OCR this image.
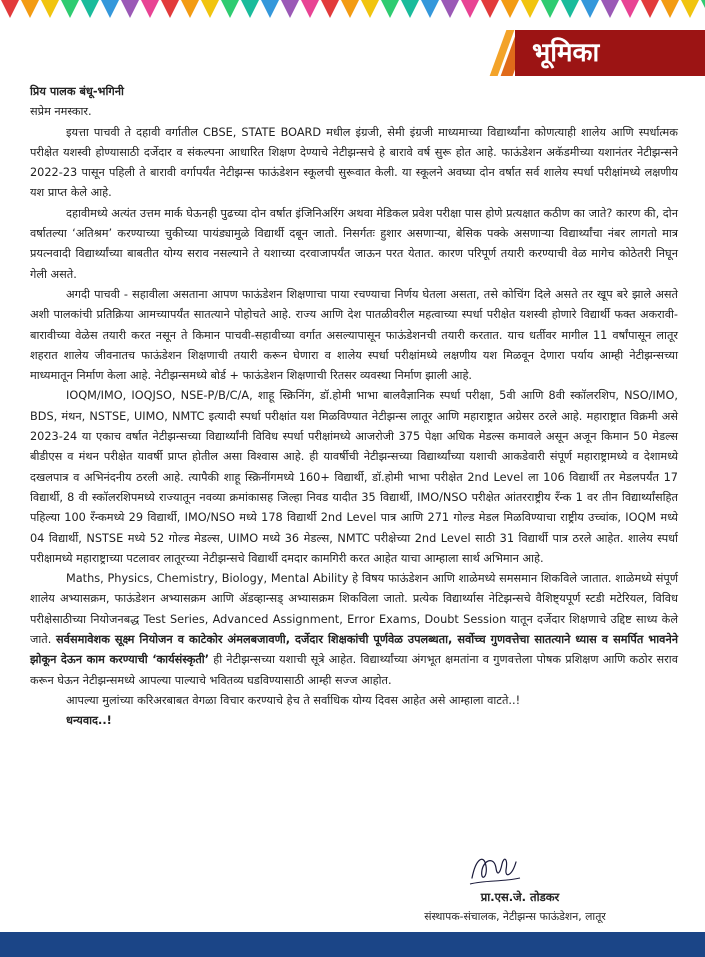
भूमिका

प्रिय पालक बंधू-भगिनी

सप्रेम नमस्कार.

इयत्ता पाचवी ते दहावी वर्गातील CBSE, STATE BOARD मधील इंग्रजी, सेमी इंग्रजी माध्यमाच्या विद्यार्थ्यांना कोणत्याही शालेय आणि स्पर्धात्मक परीक्षेत यशस्वी होण्यासाठी दर्जेदार व संकल्पना आधारित शिक्षण देण्याचे नेटीझन्सचे हे बारावे वर्ष सुरू होत आहे. फाऊंडेशन अकॅडमीच्या यशानंतर नेटीझन्सने 2022-23 पासून पहिली ते बारावी वर्गापर्यंत नेटीझन्स फाऊंडेशन स्कूलची सुरूवात केली. या स्कूलने अवघ्या दोन वर्षात सर्व शालेय स्पर्धा परीक्षांमध्ये लक्षणीय यश प्राप्त केले आहे.

दहावीमध्ये अत्यंत उत्तम मार्क घेऊनही पुढच्या दोन वर्षात इंजिनिअरिंग अथवा मेडिकल प्रवेश परीक्षा पास होणे प्रत्यक्षात कठीण का जाते? कारण की, दोन वर्षातल्या ‘अतिश्रम’ करण्याच्या चुकीच्या पायंड्यामुळे विद्यार्थी दबून जातो. निसर्गतः हुशार असणाऱ्या, बेसिक पक्के असणाऱ्या विद्यार्थ्यांचा नंबर लागतो मात्र प्रयत्नवादी विद्यार्थ्यांच्या बाबतीत योग्य सराव नसल्याने ते यशाच्या दरवाजापर्यंत जाऊन परत येतात. कारण परिपूर्ण तयारी करण्याची वेळ मागेच कोठेतरी निघून गेली असते.

अगदी पाचवी - सहावीला असताना आपण फाऊंडेशन शिक्षणाचा पाया रचण्याचा निर्णय घेतला असता, तसे कोचिंग दिले असते तर खूप बरे झाले असते अशी पालकांची प्रतिक्रिया आमच्यापर्यंत सातत्याने पोहोचते आहे. राज्य आणि देश पातळीवरील महत्वाच्या स्पर्धा परीक्षेत यशस्वी होणारे विद्यार्थी फक्त अकरावी-बारावीच्या वेळेस तयारी करत नसून ते किमान पाचवी-सहावीच्या वर्गात असल्यापासून फाऊंडेशनची तयारी करतात. याच धर्तीवर मागील 11 वर्षांपासून लातूर शहरात शालेय जीवनातच फाऊंडेशन शिक्षणाची तयारी करून घेणारा व शालेय स्पर्धा परीक्षांमध्ये लक्षणीय यश मिळवून देणारा पर्याय आम्ही नेटीझन्सच्या माध्यमातून निर्माण केला आहे. नेटीझन्समध्ये बोर्ड + फाऊंडेशन शिक्षणाची रितसर व्यवस्था निर्माण झाली आहे.

IOQM/IMO, IOQJSO, NSE-P/B/C/A, शाहू स्क्रिनिंग, डॉ.होमी भाभा बालवैज्ञानिक स्पर्धा परीक्षा, 5वी आणि 8वी स्कॉलरशिप, NSO/IMO, BDS, मंथन, NSTSE, UIMO, NMTC इत्यादी स्पर्धा परीक्षांत यश मिळविण्यात नेटीझन्स लातूर आणि महाराष्ट्रात अग्रेसर ठरले आहे. महाराष्ट्रात विक्रमी असे 2023-24 या एकाच वर्षात नेटीझन्सच्या विद्यार्थ्यांनी विविध स्पर्धा परीक्षांमध्ये आजरोजी 375 पेक्षा अधिक मेडल्स कमावले असून अजून किमान 50 मेडल्स बीडीएस व मंथन परीक्षेत यावर्षी प्राप्त होतील असा विश्वास आहे. ही यावर्षीची नेटीझन्सच्या विद्यार्थ्यांच्या यशाची आकडेवारी संपूर्ण महाराष्ट्रामध्ये व देशामध्ये दखलपात्र व अभिनंदनीय ठरली आहे. त्यापैकी शाहू स्क्रिनींगमध्ये 160+ विद्यार्थी, डॉ.होमी भाभा परीक्षेत 2nd Level ला 106 विद्यार्थी तर मेडलपर्यंत 17 विद्यार्थी, 8 वी स्कॉलरशिपमध्ये राज्यातून नवव्या क्रमांकासह जिल्हा निवड यादीत 35 विद्यार्थी, IMO/NSO परीक्षेत आंतरराष्ट्रीय रँन्क 1 वर तीन विद्यार्थ्यांसहित पहिल्या 100 रँन्कमध्ये 29 विद्यार्थी, IMO/NSO मध्ये 178 विद्यार्थी 2nd Level पात्र आणि 271 गोल्ड मेडल मिळविण्याचा राष्ट्रीय उच्चांक, IOQM मध्ये 04 विद्यार्थी, NSTSE मध्ये 52 गोल्ड मेडल्स, UIMO मध्ये 36 मेडल्स, NMTC परीक्षेच्या 2nd Level साठी 31 विद्यार्थी पात्र ठरले आहेत. शालेय स्पर्धा परीक्षामध्ये महाराष्ट्राच्या पटलावर लातूरच्या नेटीझन्सचे विद्यार्थी दमदार कामगिरी करत आहेत याचा आम्हाला सार्थ अभिमान आहे.

Maths, Physics, Chemistry, Biology, Mental Ability हे विषय फाऊंडेशन आणि शाळेमध्ये समसमान शिकविले जातात. शाळेमध्ये संपूर्ण शालेय अभ्यासक्रम, फाऊंडेशन अभ्यासक्रम आणि ॲडव्हान्सड् अभ्यासक्रम शिकविला जातो. प्रत्येक विद्यार्थ्यास नेटिझन्सचे वैशिष्ट्यपूर्ण स्टडी मटेरियल, विविध परीक्षेसाठीच्या नियोजनबद्ध Test Series, Advanced Assignment, Error Exams, Doubt Session यातून दर्जेदार शिक्षणाचे उद्दिष्ट साध्य केले जाते. सर्वसमावेशक सूक्ष्म नियोजन व काटेकोर अंमलबजावणी, दर्जेदार शिक्षकांची पूर्णवेळ उपलब्धता, सर्वोच्च गुणवत्तेचा सातत्याने ध्यास व समर्पित भावनेने झोकून देऊन काम करण्याची ‘कार्यसंस्कृती’ ही नेटीझन्सच्या यशाची सूत्रे आहेत. विद्यार्थ्यांच्या अंगभूत क्षमतांना व गुणवत्तेला पोषक प्रशिक्षण आणि कठोर सराव करून घेऊन नेटीझन्समध्ये आपल्या पाल्याचे भवितव्य घडविण्यासाठी आम्ही सज्ज आहोत.

आपल्या मुलांच्या करिअरबाबत वेगळा विचार करण्याचे हेच ते सर्वाधिक योग्य दिवस आहेत असे आम्हाला वाटते..!

धन्यवाद..!

प्रा.एस.जे. तोडकर
संस्थापक-संचालक, नेटीझन्स फाऊंडेशन, लातूर
